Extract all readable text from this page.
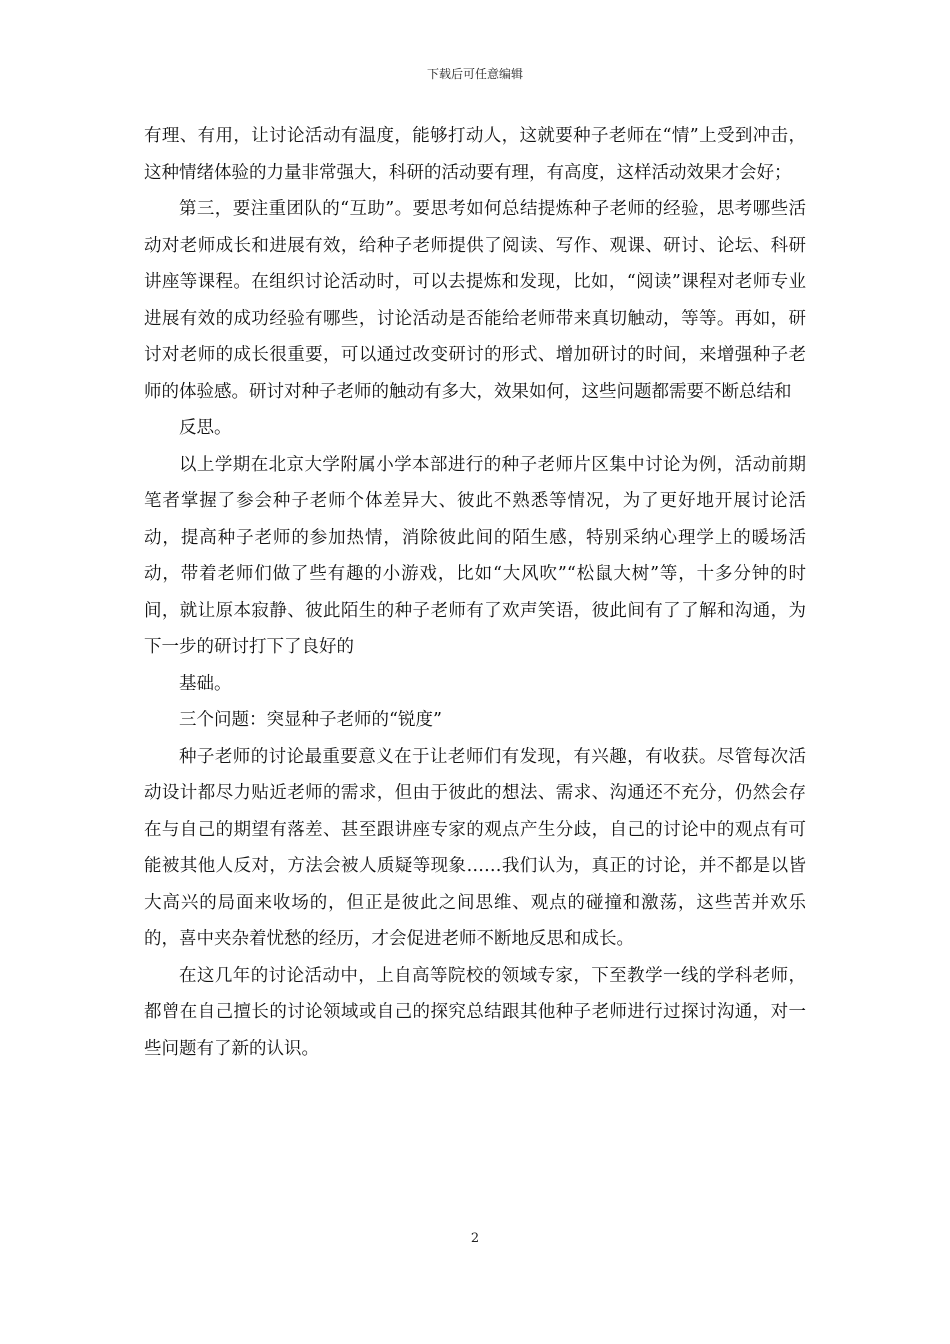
下载后可任意编辑

有理、有用，让讨论活动有温度，能够打动人，这就要种子老师在“情”上受到冲击，这种情绪体验的力量非常强大，科研的活动要有理，有高度，这样活动效果才会好；

第三，要注重团队的“互助”。要思考如何总结提炼种子老师的经验，思考哪些活动对老师成长和进展有效，给种子老师提供了阅读、写作、观课、研讨、论坛、科研讲座等课程。在组织讨论活动时，可以去提炼和发现，比如，“阅读”课程对老师专业进展有效的成功经验有哪些，讨论活动是否能给老师带来真切触动，等等。再如，研讨对老师的成长很重要，可以通过改变研讨的形式、增加研讨的时间，来增强种子老师的体验感。研讨对种子老师的触动有多大，效果如何，这些问题都需要不断总结和

反思。

以上学期在北京大学附属小学本部进行的种子老师片区集中讨论为例，活动前期笔者掌握了参会种子老师个体差异大、彼此不熟悉等情况，为了更好地开展讨论活动，提高种子老师的参加热情，消除彼此间的陌生感，特别采纳心理学上的暖场活动，带着老师们做了些有趣的小游戏，比如“大风吹”“松鼠大树”等，十多分钟的时间，就让原本寂静、彼此陌生的种子老师有了欢声笑语，彼此间有了了解和沟通，为下一步的研讨打下了良好的

基础。

三个问题：突显种子老师的“锐度”

种子老师的讨论最重要意义在于让老师们有发现，有兴趣，有收获。尽管每次活动设计都尽力贴近老师的需求，但由于彼此的想法、需求、沟通还不充分，仍然会存在与自己的期望有落差、甚至跟讲座专家的观点产生分歧，自己的讨论中的观点有可能被其他人反对，方法会被人质疑等现象……我们认为，真正的讨论，并不都是以皆大高兴的局面来收场的，但正是彼此之间思维、观点的碰撞和激荡，这些苦并欢乐的，喜中夹杂着忧愁的经历，才会促进老师不断地反思和成长。

在这几年的讨论活动中，上自高等院校的领域专家，下至教学一线的学科老师，都曾在自己擅长的讨论领域或自己的探究总结跟其他种子老师进行过探讨沟通，对一些问题有了新的认识。

2
